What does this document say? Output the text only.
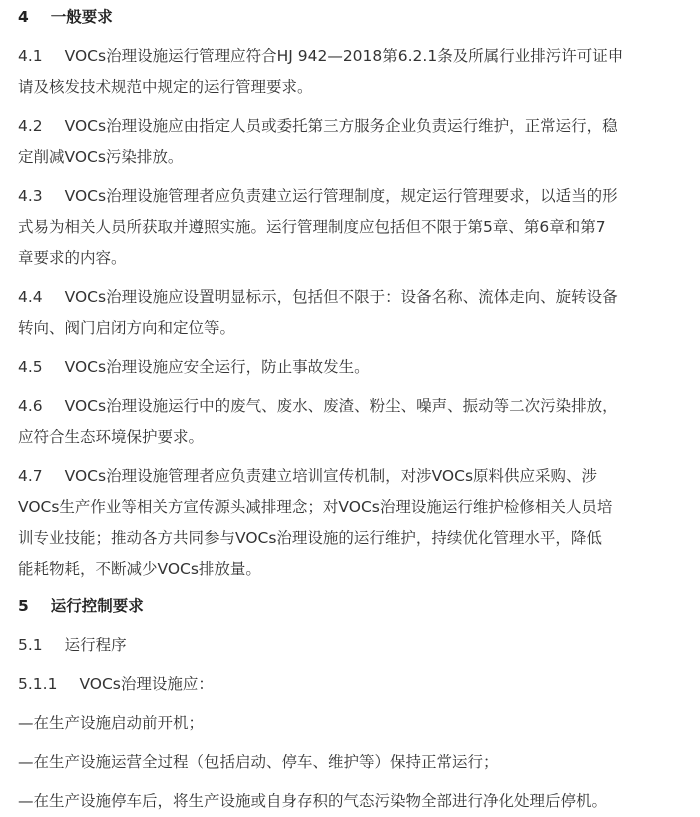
4 一般要求
4.1 VOCs治理设施运行管理应符合HJ 942—2018第6.2.1条及所属行业排污许可证申
请及核发技术规范中规定的运行管理要求。
4.2 VOCs治理设施应由指定人员或委托第三方服务企业负责运行维护，正常运行，稳
定削减VOCs污染排放。
4.3 VOCs治理设施管理者应负责建立运行管理制度，规定运行管理要求，以适当的形
式易为相关人员所获取并遵照实施。运行管理制度应包括但不限于第5章、第6章和第7
章要求的内容。
4.4 VOCs治理设施应设置明显标示，包括但不限于：设备名称、流体走向、旋转设备
转向、阀门启闭方向和定位等。
4.5 VOCs治理设施应安全运行，防止事故发生。
4.6 VOCs治理设施运行中的废气、废水、废渣、粉尘、噪声、振动等二次污染排放，
应符合生态环境保护要求。
4.7 VOCs治理设施管理者应负责建立培训宣传机制，对涉VOCs原料供应采购、涉
VOCs生产作业等相关方宣传源头减排理念；对VOCs治理设施运行维护检修相关人员培
训专业技能；推动各方共同参与VOCs治理设施的运行维护，持续优化管理水平，降低
能耗物耗，不断减少VOCs排放量。
5 运行控制要求
5.1 运行程序
5.1.1 VOCs治理设施应：
—在生产设施启动前开机；
—在生产设施运营全过程（包括启动、停车、维护等）保持正常运行；
—在生产设施停车后，将生产设施或自身存积的气态污染物全部进行净化处理后停机。
